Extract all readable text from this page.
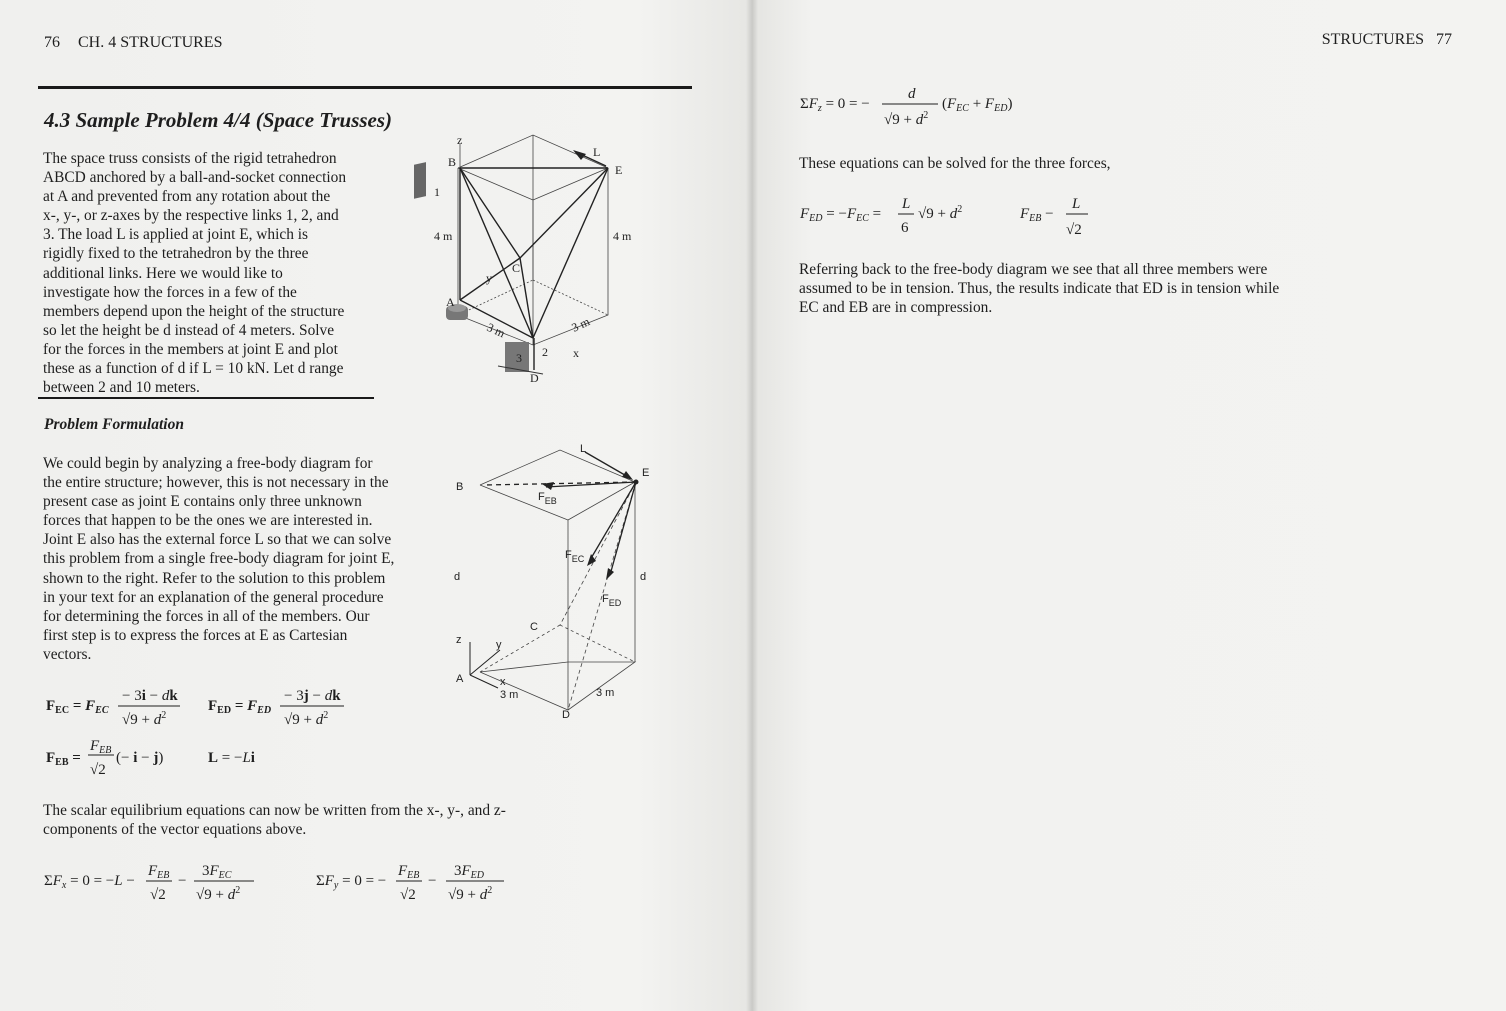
76 CH. 4 STRUCTURES
4.3 Sample Problem 4/4 (Space Trusses)
The space truss consists of the rigid tetrahedron
ABCD anchored by a ball-and-socket connection
at A and prevented from any rotation about the
x-, y-, or z-axes by the respective links 1, 2, and
3. The load L is applied at joint E, which is
rigidly fixed to the tetrahedron by the three
additional links. Here we would like to
investigate how the forces in a few of the
members depend upon the height of the structure
so let the height be d instead of 4 meters. Solve
for the forces in the members at joint E and plot
these as a function of d if L = 10 kN. Let d range
between 2 and 10 meters.
z
B
L
E
1
4 m	4 m
C
y
A
3 m	3 m
2
3
D
x
Problem Formulation
We could begin by analyzing a free-body diagram for
the entire structure; however, this is not necessary in the
present case as joint E contains only three unknown
forces that happen to be the ones we are interested in.
Joint E also has the external force L so that we can solve
this problem from a single free-body diagram for joint E,
shown to the right. Refer to the solution to this problem
in your text for an explanation of the general procedure
for determining the forces in all of the members. Our
first step is to express the forces at E as Cartesian
vectors.
L
E
B
$F_{EB}$
$F_{EC}$
$F_{ED}$
d	d
C
z	y
x
A
3 m	3 m
D
$F_{EC} = F_{EC}$
− 3i − dk
$√9 + d^2$
$F_{ED} = F_{ED}$
− 3j − dk
$√9 + d^2$
$F_{EB}$ =
$F_{EB}$
√2
(− i − j)	L = −Li
The scalar equilibrium equations can now be written from the x-, y-, and z-
components of the vector equations above.
$\Sigma F_x = 0 = -L$ −
$F_{EB}$
√2
−
$3F_{EC}$
$√9 + d^2$
$\Sigma F_y = 0$ = −
$F_{EB}$
√2
−
$3F_{ED}$
$√9 + d^2$
STRUCTURES 77
$\Sigma F_z = 0$ = −
d
$√9 + d^2$
$(F_{EC} + F_{ED})$
These equations can be solved for the three forces,
$F_{ED} = -F_{EC}$ =
L
6
$√9 + d^2$	$F_{EB}$ −
L
√2
Referring back to the free-body diagram we see that all three members were
assumed to be in tension. Thus, the results indicate that ED is in tension while
EC and EB are in compression.
